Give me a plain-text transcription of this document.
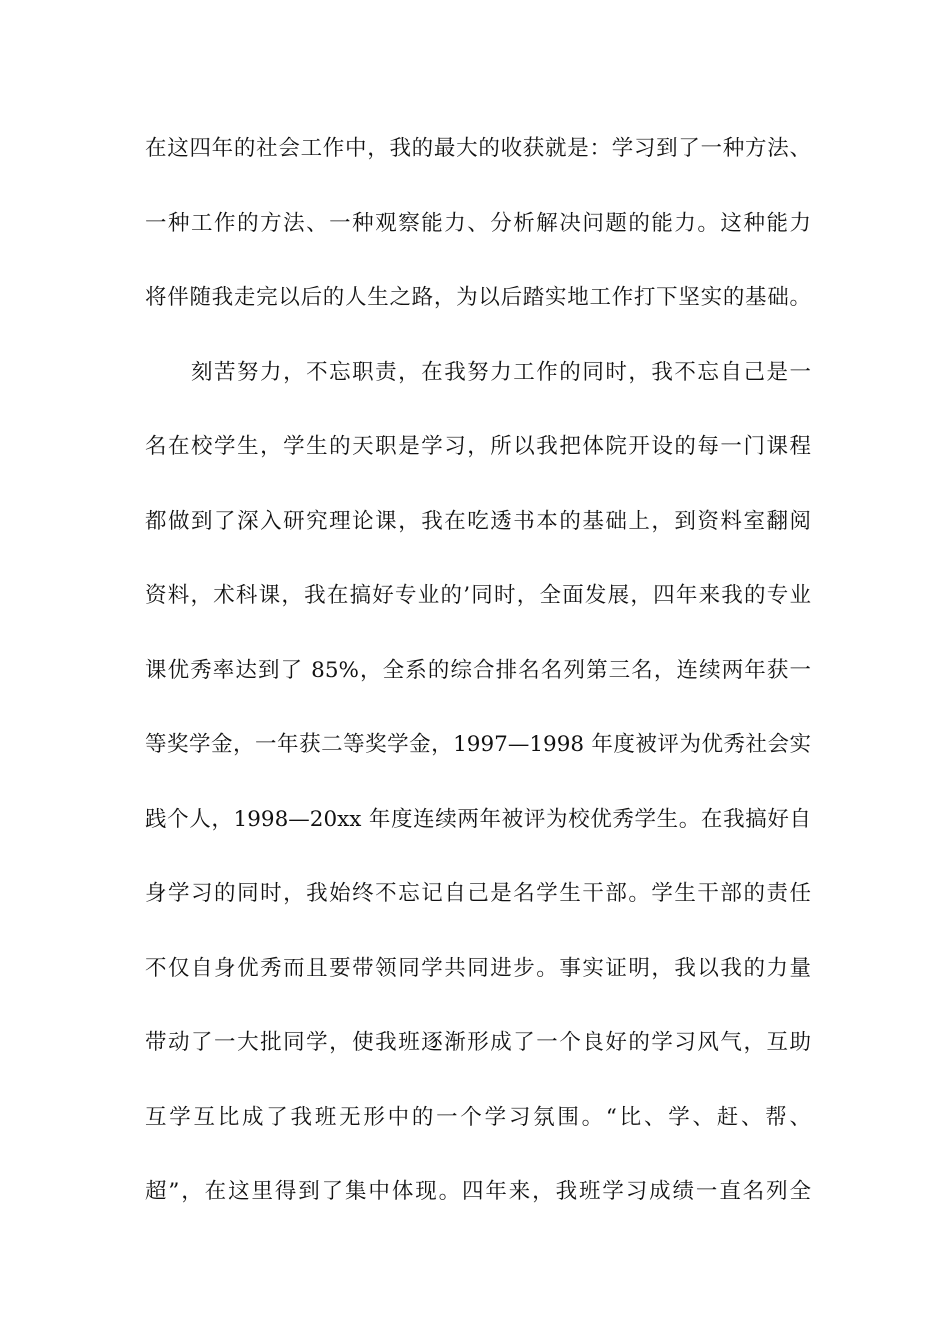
在这四年的社会工作中，我的最大的收获就是：学习到了一种方法、
一种工作的方法、一种观察能力、分析解决问题的能力。这种能力
将伴随我走完以后的人生之路，为以后踏实地工作打下坚实的基础。
刻苦努力，不忘职责，在我努力工作的同时，我不忘自己是一
名在校学生，学生的天职是学习，所以我把体院开设的每一门课程
都做到了深入研究理论课，我在吃透书本的基础上，到资料室翻阅
资料，术科课，我在搞好专业的’同时，全面发展，四年来我的专业
课优秀率达到了 85%，全系的综合排名名列第三名，连续两年获一
等奖学金，一年获二等奖学金，1997—1998 年度被评为优秀社会实
践个人，1998—20xx 年度连续两年被评为校优秀学生。在我搞好自
身学习的同时，我始终不忘记自己是名学生干部。学生干部的责任
不仅自身优秀而且要带领同学共同进步。事实证明，我以我的力量
带动了一大批同学，使我班逐渐形成了一个良好的学习风气，互助
互学互比成了我班无形中的一个学习氛围。“比、学、赶、帮、
超”，在这里得到了集中体现。四年来，我班学习成绩一直名列全
